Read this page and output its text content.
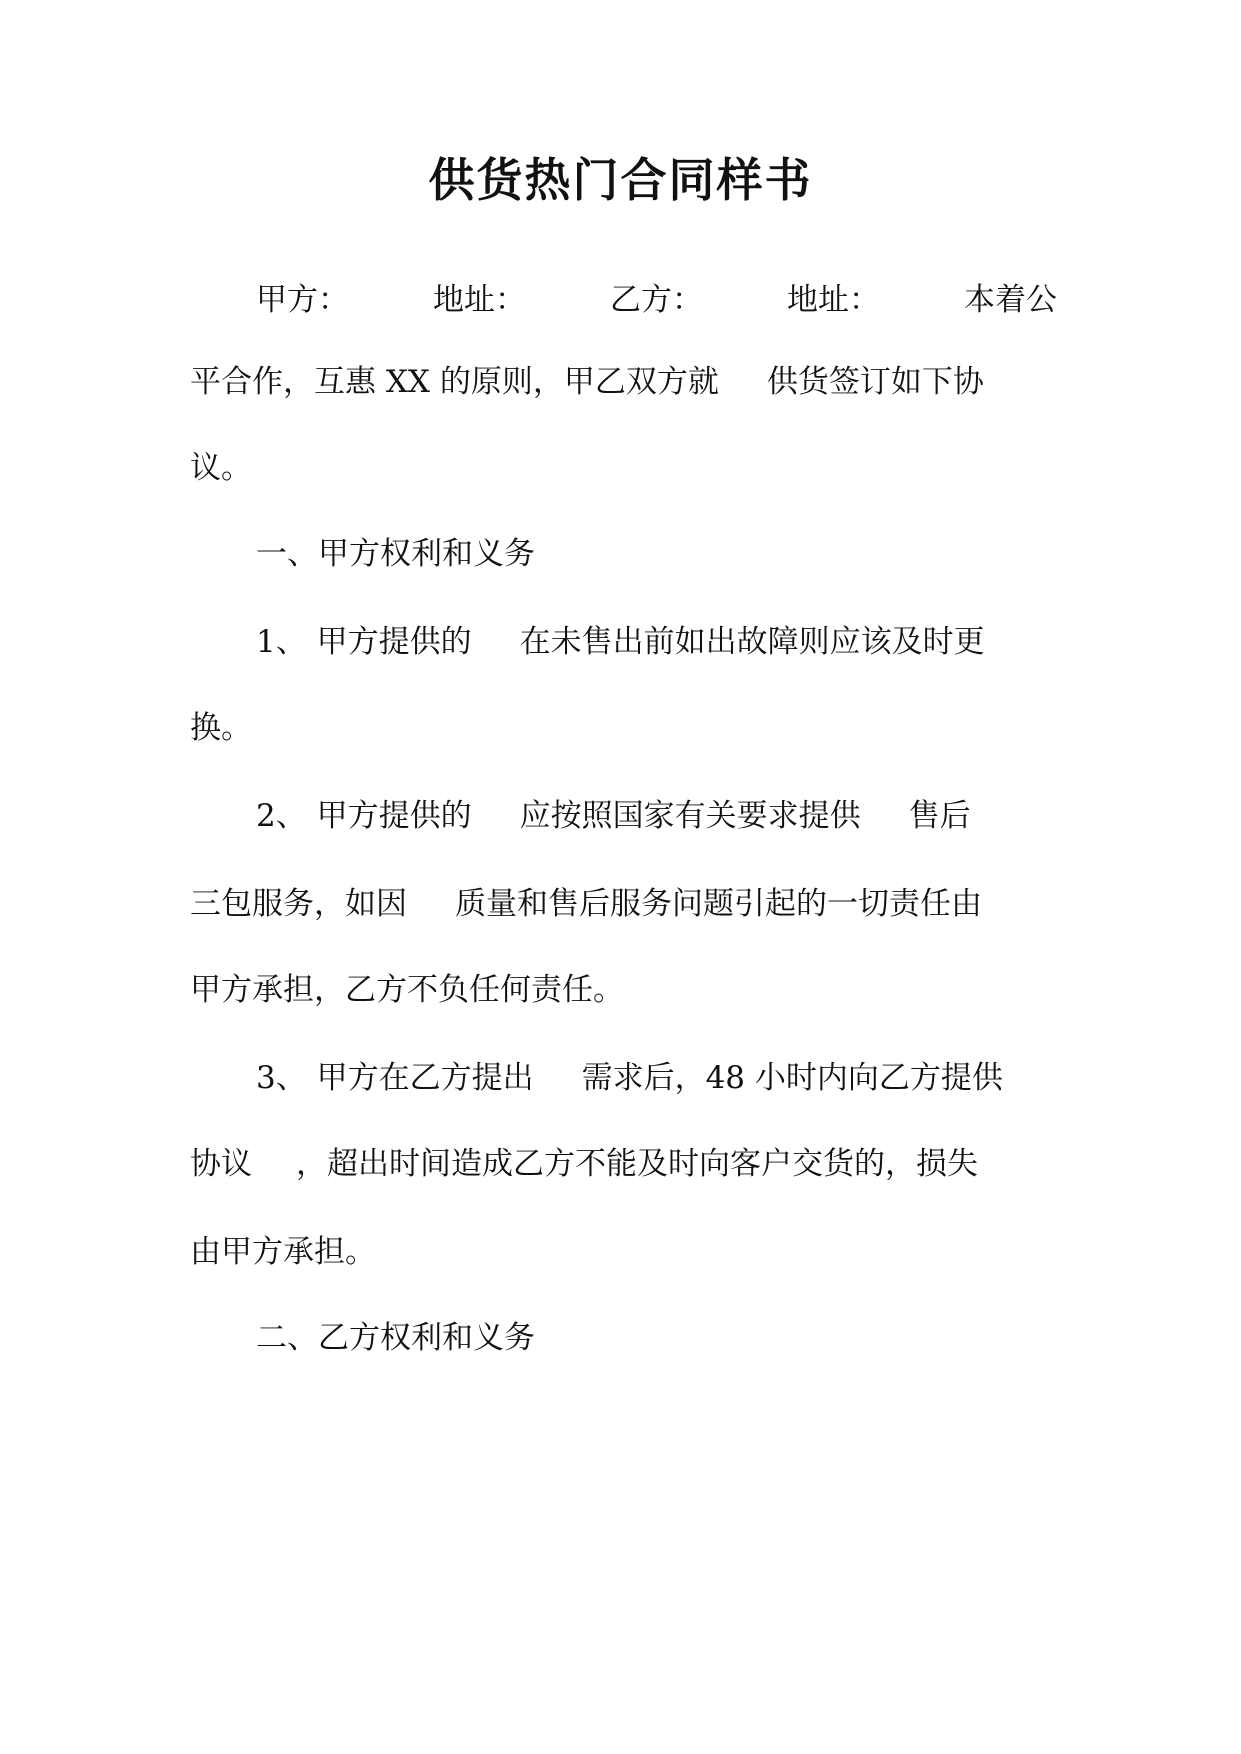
供货热门合同样书
甲方：	地址：	乙方：	地址：	本着公
平合作，互惠 XX 的原则，甲乙双方就 供货签订如下协
议。
一、甲方权利和义务
1、 甲方提供的 在未售出前如出故障则应该及时更
换。
2、 甲方提供的 应按照国家有关要求提供 售后
三包服务，如因 质量和售后服务问题引起的一切责任由
甲方承担，乙方不负任何责任。
3、 甲方在乙方提出 需求后，48 小时内向乙方提供
协议 ，超出时间造成乙方不能及时向客户交货的，损失
由甲方承担。
二、乙方权利和义务
